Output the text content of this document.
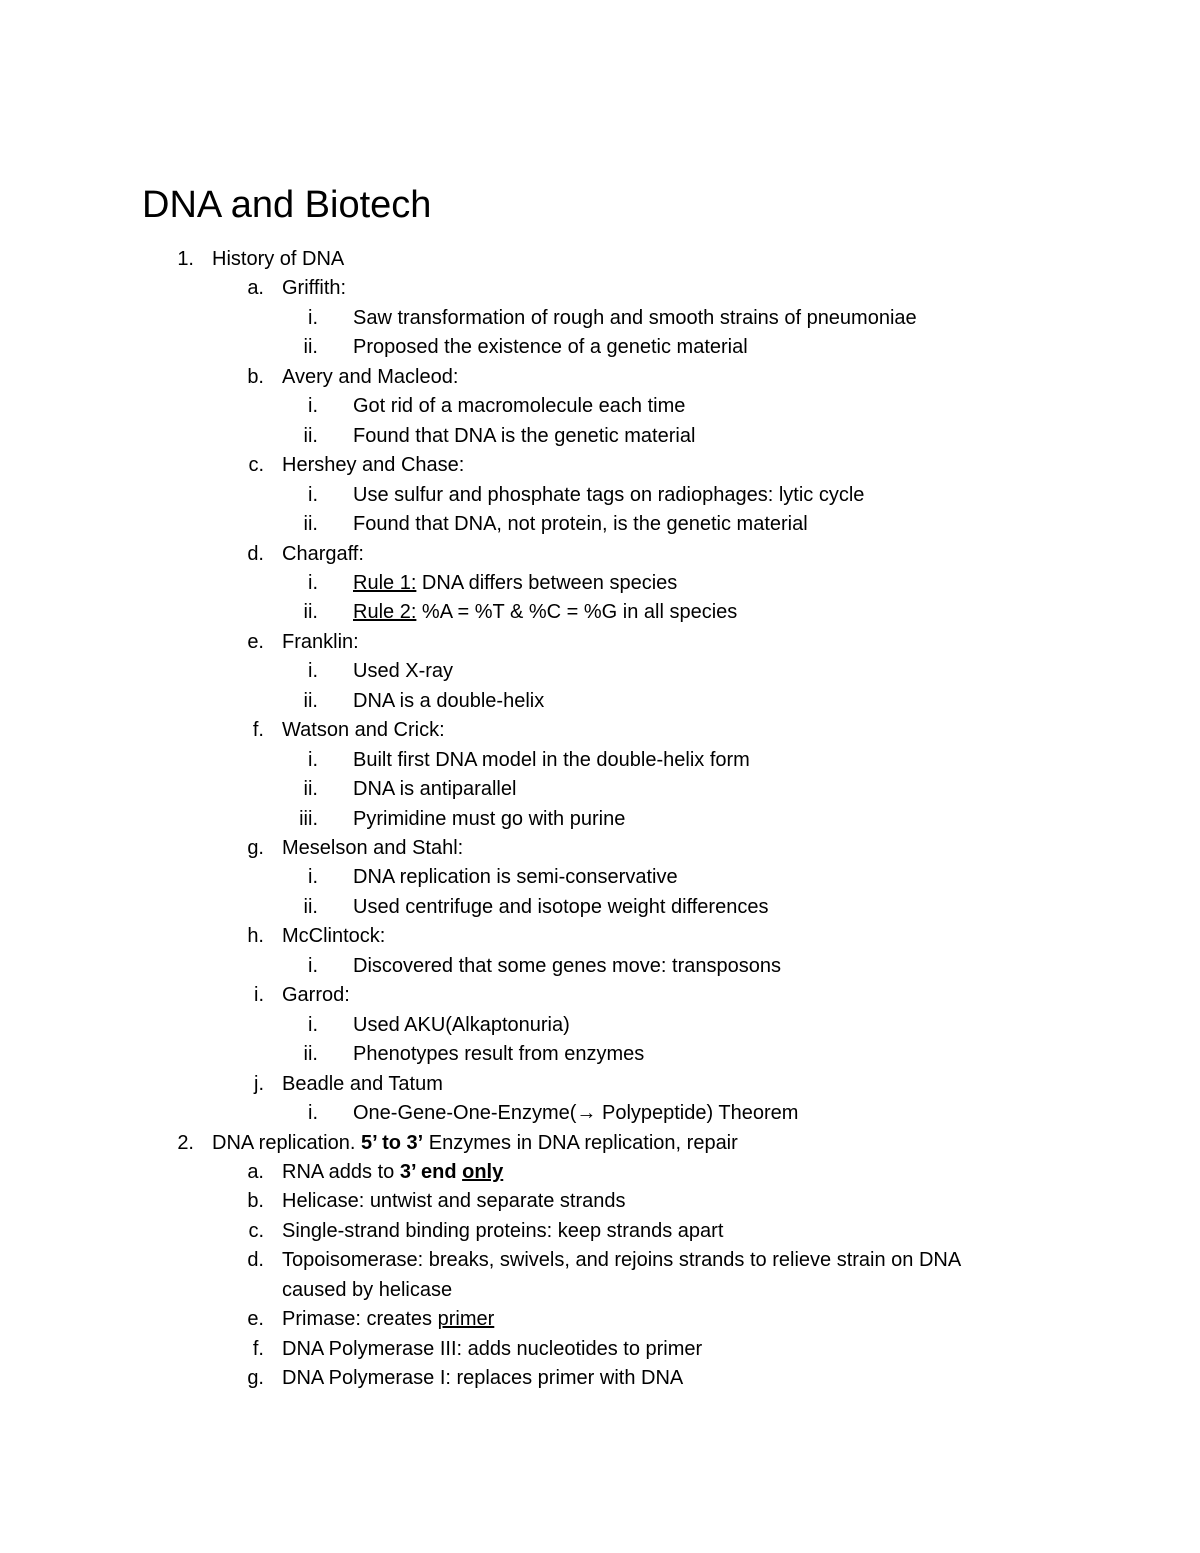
DNA and Biotech
1. History of DNA
a. Griffith:
i. Saw transformation of rough and smooth strains of pneumoniae
ii. Proposed the existence of a genetic material
b. Avery and Macleod:
i. Got rid of a macromolecule each time
ii. Found that DNA is the genetic material
c. Hershey and Chase:
i. Use sulfur and phosphate tags on radiophages: lytic cycle
ii. Found that DNA, not protein, is the genetic material
d. Chargaff:
i. Rule 1: DNA differs between species
ii. Rule 2: %A = %T & %C = %G in all species
e. Franklin:
i. Used X-ray
ii. DNA is a double-helix
f. Watson and Crick:
i. Built first DNA model in the double-helix form
ii. DNA is antiparallel
iii. Pyrimidine must go with purine
g. Meselson and Stahl:
i. DNA replication is semi-conservative
ii. Used centrifuge and isotope weight differences
h. McClintock:
i. Discovered that some genes move: transposons
i. Garrod:
i. Used AKU(Alkaptonuria)
ii. Phenotypes result from enzymes
j. Beadle and Tatum
i. One-Gene-One-Enzyme(→ Polypeptide) Theorem
2. DNA replication. 5’ to 3’ Enzymes in DNA replication, repair
a. RNA adds to 3’ end only
b. Helicase: untwist and separate strands
c. Single-strand binding proteins: keep strands apart
d. Topoisomerase: breaks, swivels, and rejoins strands to relieve strain on DNA
caused by helicase
e. Primase: creates primer
f. DNA Polymerase III: adds nucleotides to primer
g. DNA Polymerase I: replaces primer with DNA
